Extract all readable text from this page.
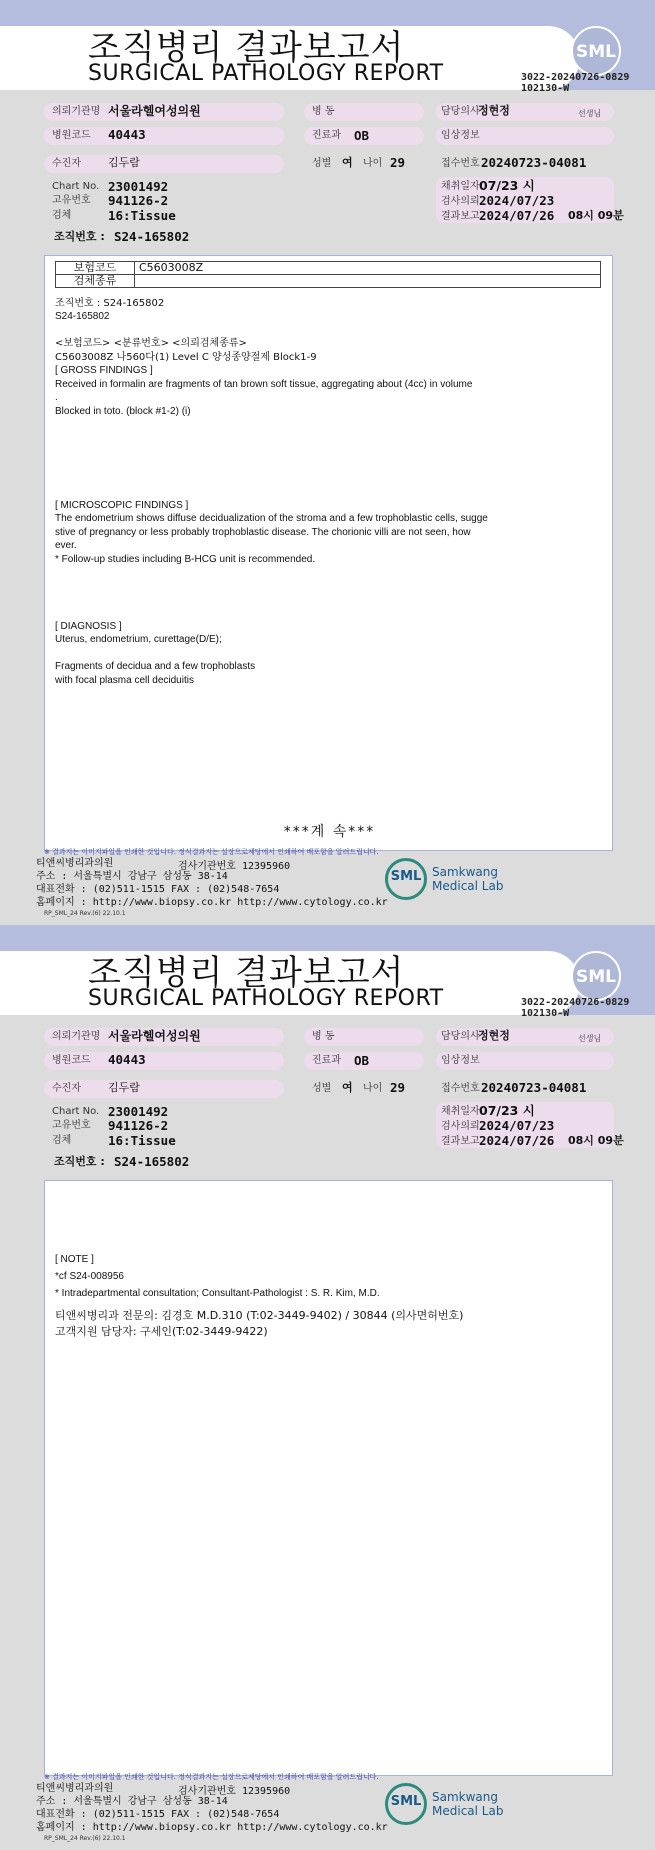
조직병리 결과보고서
SURGICAL PATHOLOGY REPORT
SML
3022-20240726-0829
102130-W
의뢰기관명 서울라헬여성의원	병 동	담당의사
정현정	선생님
병원코드 40443	진료과 OB	임상정보
수진자 김두람	성별 여 나이 29	접수번호 20240723-04081
Chart No. 23001492
고유번호 941126-2
검체	16:Tissue
채취일자 07/23 시
검사의뢰 2024/07/23
결과보고 2024/07/26 08시 09분
조직번호 : S24-165802
보험코드	C5603008Z
검체종류	
조직번호 : S24-165802
S24-165802
<보험코드> <분류번호> <의뢰검체종류>
C5603008Z 나560다(1) Level C 양성종양절제 Block1-9
[ GROSS FINDINGS ]
Received in formalin are fragments of tan brown soft tissue, aggregating about (4cc) in volume
.
Blocked in toto. (block #1-2) (i)
[ MICROSCOPIC FINDINGS ]
The endometrium shows diffuse decidualization of the stroma and a few trophoblastic cells, sugge
stive of pregnancy or less probably trophoblastic disease. The chorionic villi are not seen, how
ever.
* Follow-up studies including B-HCG unit is recommended.
[ DIAGNOSIS ]
Uterus, endometrium, curettage(D/E);
Fragments of decidua and a few trophoblasts
with focal plasma cell deciduitis
***계 속***
※ 결과지는 이미지파일을 인쇄한 것입니다. 정식결과지는 실장으로제당에서 인쇄하여 배포함을 알려드립니다.
티앤씨병리과의원	검사기관번호 12395960
주소 : 서울특별시 강남구 삼성동 38-14
대표전화 : (02)511-1515 FAX : (02)548-7654
홈페이지 : http://www.biopsy.co.kr http://www.cytology.co.kr
RP_SML_24 Rev.(6) 22.10.1
SML Samkwang
Medical Lab
조직병리 결과보고서
SURGICAL PATHOLOGY REPORT
SML
3022-20240726-0829
102130-W
의뢰기관명 서울라헬여성의원	병 동	담당의사
정현정	선생님
병원코드 40443	진료과 OB	임상정보
수진자 김두람	성별 여 나이 29	접수번호 20240723-04081
Chart No. 23001492
고유번호 941126-2
검체	16:Tissue
채취일자 07/23 시
검사의뢰 2024/07/23
결과보고 2024/07/26 08시 09분
조직번호 : S24-165802
[ NOTE ]
*cf S24-008956
* Intradepartmental consultation; Consultant-Pathologist : S. R. Kim, M.D.
티앤씨병리과 전문의: 김경호 M.D.310 (T:02-3449-9402) / 30844 (의사면허번호)
고객지원 담당자: 구세인(T:02-3449-9422)
※ 결과지는 이미지파일을 인쇄한 것입니다. 정식결과지는 실장으로제당에서 인쇄하여 배포함을 알려드립니다.
티앤씨병리과의원	검사기관번호 12395960
주소 : 서울특별시 강남구 삼성동 38-14
대표전화 : (02)511-1515 FAX : (02)548-7654
홈페이지 : http://www.biopsy.co.kr http://www.cytology.co.kr
RP_SML_24 Rev.(6) 22.10.1
SML Samkwang
Medical Lab
